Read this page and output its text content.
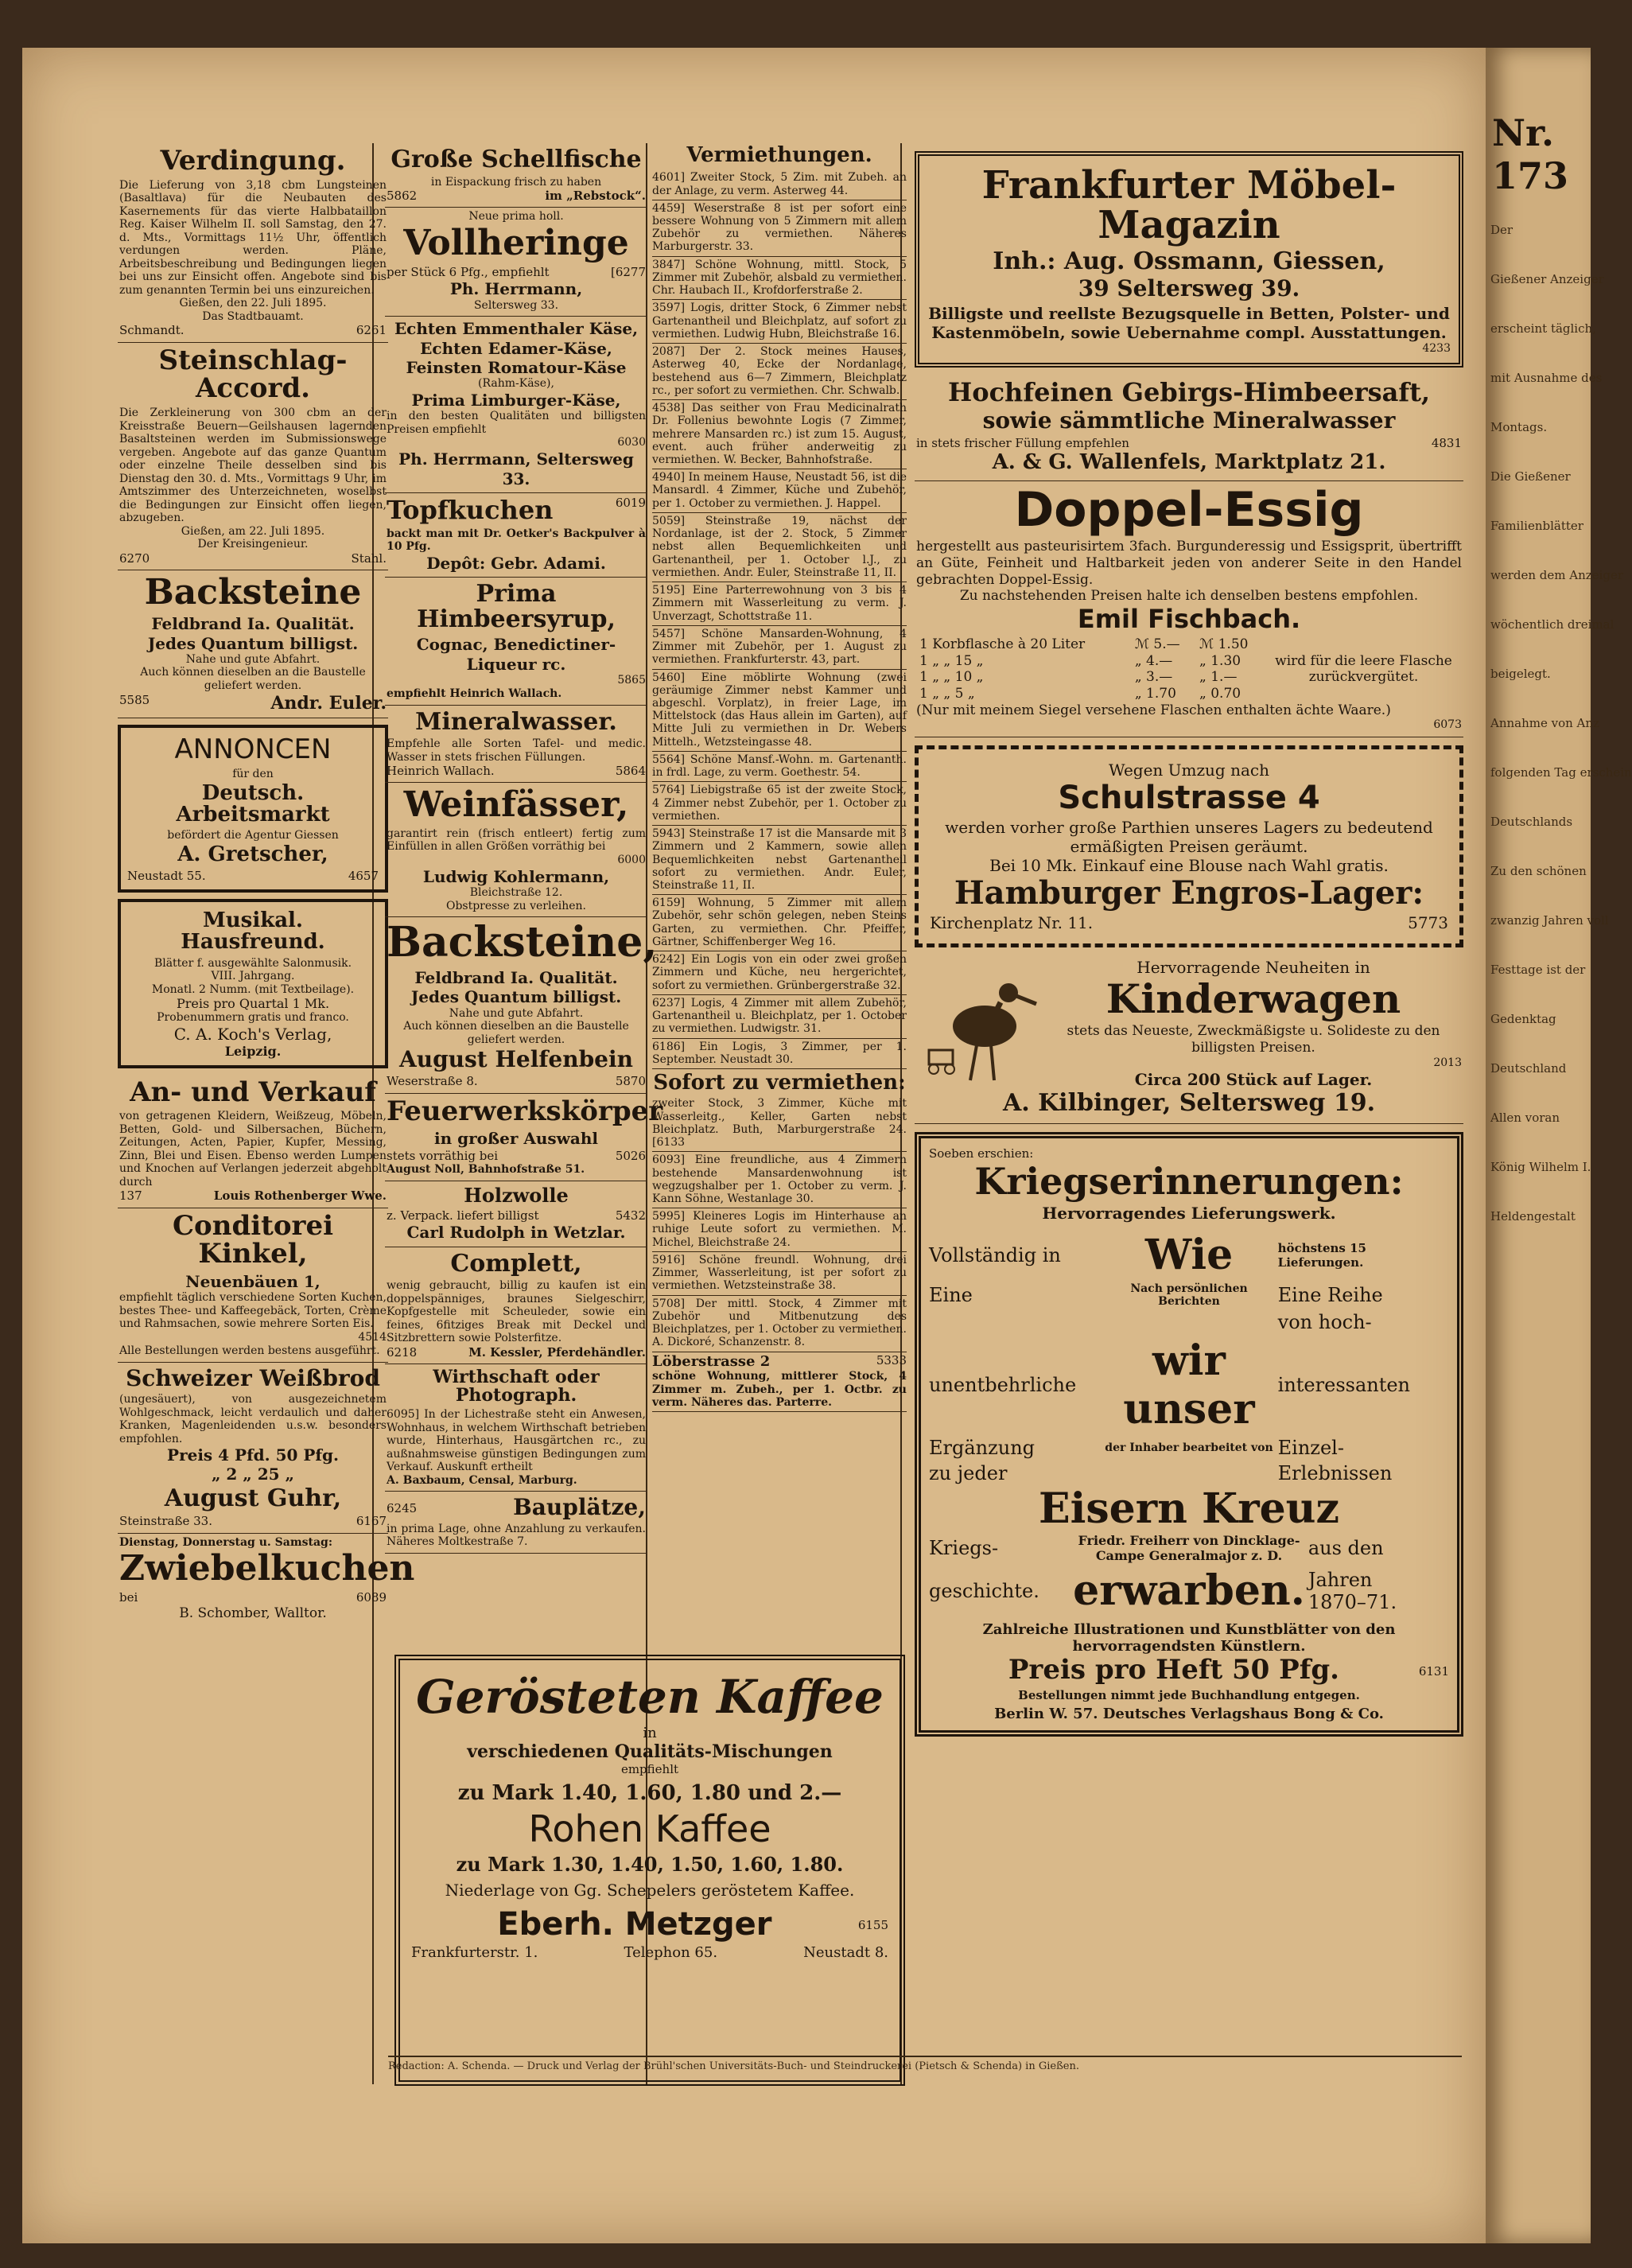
Verdingung.
Die Lieferung von 3,18 cbm Lungsteinen (Basaltlava) für die Neubauten des Kasernements für das vierte Halbbataillon Reg. Kaiser Wilhelm II. soll Samstag, den 27. d. Mts., Vormittags 11½ Uhr, öffentlich verdungen werden. Pläne, Arbeitsbeschreibung und Bedingungen liegen bei uns zur Einsicht offen. Angebote sind bis zum genannten Termin bei uns einzureichen.
Gießen, den 22. Juli 1895.
Das Stadtbauamt.
Schmandt.	6261
Steinschlag-Accord.
Die Zerkleinerung von 300 cbm an der Kreisstraße Beuern—Geilshausen lagernden Basaltsteinen werden im Submissionswege vergeben. Angebote auf das ganze Quantum oder einzelne Theile desselben sind bis Dienstag den 30. d. Mts., Vormittags 9 Uhr, im Amtszimmer des Unterzeichneten, woselbst die Bedingungen zur Einsicht offen liegen, abzugeben.
Gießen, am 22. Juli 1895.
Der Kreisingenieur.
6270	Stahl.
Backsteine
Feldbrand Ia. Qualität.
Jedes Quantum billigst.
Nahe und gute Abfahrt.
Auch können dieselben an die Baustelle geliefert werden.
5585	Andr. Euler.
ANNONCEN
für den
Deutsch. Arbeitsmarkt
befördert die Agentur Giessen
A. Gretscher,
Neustadt 55.	4657
Musikal. Hausfreund.
Blätter f. ausgewählte Salonmusik.
VIII. Jahrgang.
Monatl. 2 Numm. (mit Textbeilage).
Preis pro Quartal 1 Mk.
Probenummern gratis und franco.
C. A. Koch's Verlag,
Leipzig.
An- und Verkauf
von getragenen Kleidern, Weißzeug, Möbeln, Betten, Gold- und Silbersachen, Büchern, Zeitungen, Acten, Papier, Kupfer, Messing, Zinn, Blei und Eisen. Ebenso werden Lumpen und Knochen auf Verlangen jederzeit abgeholt durch
137	Louis Rothenberger Wwe.
Conditorei Kinkel,
Neuenbäuen 1,
empfiehlt täglich verschiedene Sorten Kuchen, bestes Thee- und Kaffeegebäck, Torten, Crème und Rahmsachen, sowie mehrere Sorten Eis.
4514
Alle Bestellungen werden bestens ausgeführt.
Schweizer Weißbrod
(ungesäuert), von ausgezeichnetem Wohlgeschmack, leicht verdaulich und daher Kranken, Magenleidenden u.s.w. besonders empfohlen.
Preis 4 Pfd. 50 Pfg.
„ 2 „ 25 „
August Guhr,
Steinstraße 33.	6167
Dienstag, Donnerstag u. Samstag:
Zwiebelkuchen
bei	6089
B. Schomber, Walltor.
Große Schellfische
in Eispackung frisch zu haben
5862	im „Rebstock“.
Neue prima holl.
Vollheringe
per Stück 6 Pfg., empfiehlt	[6277
Ph. Herrmann,
Seltersweg 33.
Echten Emmenthaler Käse,
Echten Edamer-Käse,
Feinsten Romatour-Käse
(Rahm-Käse),
Prima Limburger-Käse,
in den besten Qualitäten und billigsten Preisen empfiehlt
6030
Ph. Herrmann, Seltersweg 33.
Topfkuchen	6019
backt man mit Dr. Oetker's Backpulver à 10 Pfg.
Depôt: Gebr. Adami.
Prima Himbeersyrup,
Cognac, Benedictiner-
Liqueur rc.
5865
empfiehlt Heinrich Wallach.
Mineralwasser.
Empfehle alle Sorten Tafel- und medic. Wasser in stets frischen Füllungen.
Heinrich Wallach.	5864
Weinfässer,
garantirt rein (frisch entleert) fertig zum Einfüllen in allen Größen vorräthig bei
6000
Ludwig Kohlermann,
Bleichstraße 12.
Obstpresse zu verleihen.
Backsteine,
Feldbrand Ia. Qualität.
Jedes Quantum billigst.
Nahe und gute Abfahrt.
Auch können dieselben an die Baustelle geliefert werden.
August Helfenbein
Weserstraße 8.	5870
Feuerwerkskörper
in großer Auswahl
stets vorräthig bei	5026
August Noll, Bahnhofstraße 51.
Holzwolle
z. Verpack. liefert billigst	5432
Carl Rudolph in Wetzlar.
Complett,
wenig gebraucht, billig zu kaufen ist ein doppelspänniges, braunes Sielgeschirr, Kopfgestelle mit Scheuleder, sowie ein feines, 6fitziges Break mit Deckel und Sitzbrettern sowie Polsterfitze.
6218	M. Kessler, Pferdehändler.
Wirthschaft oder Photograph.
6095] In der Lichestraße steht ein Anwesen, Wohnhaus, in welchem Wirthschaft betrieben wurde, Hinterhaus, Hausgärtchen rc., zu außnahmsweise günstigen Bedingungen zum Verkauf. Auskunft ertheilt
A. Baxbaum, Censal, Marburg.
6245	Bauplätze,
in prima Lage, ohne Anzahlung zu verkaufen. Näheres Moltkestraße 7.
Vermiethungen.
4601] Zweiter Stock, 5 Zim. mit Zubeh. an der Anlage, zu verm. Asterweg 44.
4459] Weserstraße 8 ist per sofort eine bessere Wohnung von 5 Zimmern mit allem Zubehör zu vermiethen. Näheres Marburgerstr. 33.
3847] Schöne Wohnung, mittl. Stock, 5 Zimmer mit Zubehör, alsbald zu vermiethen. Chr. Haubach II., Krofdorferstraße 2.
3597] Logis, dritter Stock, 6 Zimmer nebst Gartenantheil und Bleichplatz, auf sofort zu vermiethen. Ludwig Hubn, Bleichstraße 16.
2087] Der 2. Stock meines Hauses, Asterweg 40, Ecke der Nordanlage, bestehend aus 6—7 Zimmern, Bleichplatz rc., per sofort zu vermiethen. Chr. Schwalb.
4538] Das seither von Frau Medicinalrath Dr. Follenius bewohnte Logis (7 Zimmer, mehrere Mansarden rc.) ist zum 15. August, event. auch früher anderweitig zu vermiethen. W. Becker, Bahnhofstraße.
4940] In meinem Hause, Neustadt 56, ist die Mansardl. 4 Zimmer, Küche und Zubehör, per 1. October zu vermiethen. J. Happel.
5059] Steinstraße 19, nächst der Nordanlage, ist der 2. Stock, 5 Zimmer nebst allen Bequemlichkeiten und Gartenantheil, per 1. October l.J., zu vermiethen. Andr. Euler, Steinstraße 11, II.
5195] Eine Parterrewohnung von 3 bis 4 Zimmern mit Wasserleitung zu verm. J. Unverzagt, Schottstraße 11.
5457] Schöne Mansarden-Wohnung, 4 Zimmer mit Zubehör, per 1. August zu vermiethen. Frankfurterstr. 43, part.
5460] Eine möblirte Wohnung (zwei geräumige Zimmer nebst Kammer und abgeschl. Vorplatz), in freier Lage, im Mittelstock (das Haus allein im Garten), auf Mitte Juli zu vermiethen in Dr. Webers Mittelh., Wetzsteingasse 48.
5564] Schöne Mansf.-Wohn. m. Gartenanth. in frdl. Lage, zu verm. Goethestr. 54.
5764] Liebigstraße 65 ist der zweite Stock, 4 Zimmer nebst Zubehör, per 1. October zu vermiethen.
5943] Steinstraße 17 ist die Mansarde mit 3 Zimmern und 2 Kammern, sowie allen Bequemlichkeiten nebst Gartenantheil sofort zu vermiethen. Andr. Euler, Steinstraße 11, II.
6159] Wohnung, 5 Zimmer mit allem Zubehör, sehr schön gelegen, neben Steins Garten, zu vermiethen. Chr. Pfeiffer, Gärtner, Schiffenberger Weg 16.
6242] Ein Logis von ein oder zwei großen Zimmern und Küche, neu hergerichtet, sofort zu vermiethen. Grünbergerstraße 32.
6237] Logis, 4 Zimmer mit allem Zubehör, Gartenantheil u. Bleichplatz, per 1. October zu vermiethen. Ludwigstr. 31.
6186] Ein Logis, 3 Zimmer, per 1. September. Neustadt 30.
Sofort zu vermiethen:
zweiter Stock, 3 Zimmer, Küche mit Wasserleitg., Keller, Garten nebst Bleichplatz. Buth, Marburgerstraße 24. [6133
6093] Eine freundliche, aus 4 Zimmern bestehende Mansardenwohnung ist wegzugshalber per 1. October zu verm. J. Kann Söhne, Westanlage 30.
5995] Kleineres Logis im Hinterhause an ruhige Leute sofort zu vermiethen. M. Michel, Bleichstraße 24.
5916] Schöne freundl. Wohnung, drei Zimmer, Wasserleitung, ist per sofort zu vermiethen. Wetzsteinstraße 38.
5708] Der mittl. Stock, 4 Zimmer mit Zubehör und Mitbenutzung des Bleichplatzes, per 1. October zu vermiethen. A. Dickoré, Schanzenstr. 8.
Löberstrasse 2	5333
schöne Wohnung, mittlerer Stock, 4 Zimmer m. Zubeh., per 1. Octbr. zu verm. Näheres das. Parterre.
Frankfurter Möbel-Magazin
Inh.: Aug. Ossmann, Giessen,
39 Seltersweg 39.
Billigste und reellste Bezugsquelle in Betten, Polster- und Kastenmöbeln, sowie Uebernahme compl. Ausstattungen.
4233
Hochfeinen Gebirgs-Himbeersaft,
sowie sämmtliche Mineralwasser
in stets frischer Füllung empfehlen	4831
A. & G. Wallenfels, Marktplatz 21.
Doppel-Essig
hergestellt aus pasteurisirtem 3fach. Burgunderessig und Essigsprit, übertrifft an Güte, Feinheit und Haltbarkeit jeden von anderer Seite in den Handel gebrachten Doppel-Essig.
Zu nachstehenden Preisen halte ich denselben bestens empfohlen.
Emil Fischbach.
1 Korbflasche à 20 Liter	ℳ 5.—	ℳ 1.50
1 „ „ 15 „	„ 4.—	„ 1.30
1 „ „ 10 „	„ 3.—	„ 1.—
1 „ „ 5 „	„ 1.70	„ 0.70
wird für die leere Flasche zurückvergütet.
(Nur mit meinem Siegel versehene Flaschen enthalten ächte Waare.)
6073
Wegen Umzug nach
Schulstrasse 4
werden vorher große Parthien unseres Lagers zu bedeutend ermäßigten Preisen geräumt.
Bei 10 Mk. Einkauf eine Blouse nach Wahl gratis.
Hamburger Engros-Lager:
Kirchenplatz Nr. 11.	5773
Hervorragende Neuheiten in
Kinderwagen
stets das Neueste, Zweckmäßigste u. Solideste zu den billigsten Preisen.
2013
Circa 200 Stück auf Lager.
A. Kilbinger, Seltersweg 19.
Soeben erschien:
Kriegserinnerungen:
Hervorragendes Lieferungswerk.
Vollständig in	Wie	höchstens 15 Lieferungen.
Eine	Nach persönlichen Berichten	Eine Reihe
von hoch-
unentbehrliche	wir unser	interessanten
Ergänzung	der Inhaber bearbeitet von Einzel-
zu jeder	Erlebnissen
Eisern Kreuz
Kriegs-	Friedr. Freiherr von Dincklage-Campe Generalmajor z. D.	aus den
geschichte. erwarben. Jahren
1870–71.
Zahlreiche Illustrationen und Kunstblätter von den hervorragendsten Künstlern.
Preis pro Heft 50 Pfg.	6131
Bestellungen nimmt jede Buchhandlung entgegen.
Berlin W. 57. Deutsches Verlagshaus Bong & Co.
Gerösteten Kaffee
in
verschiedenen Qualitäts-Mischungen
empfiehlt
zu Mark 1.40, 1.60, 1.80 und 2.—
Rohen Kaffee
zu Mark 1.30, 1.40, 1.50, 1.60, 1.80.
Niederlage von Gg. Schepelers geröstetem Kaffee.
Eberh. Metzger	6155
Frankfurterstr. 1.	Telephon 65.	Neustadt 8.
Redaction: A. Schenda. — Druck und Verlag der Brühl'schen Universitäts-Buch- und Steindruckerei (Pietsch & Schenda) in Gießen.
Nr. 173
Der
Gießener Anzeiger
erscheint täglich,
mit Ausnahme des
Montags.
Die Gießener
Familienblätter
werden dem Anzeiger
wöchentlich dreimal
beigelegt.
Annahme von Anz
folgenden Tag erschein
Deutschlands
Zu den schönen
zwanzig Jahren voll
Festtage ist der
Gedenktag
Deutschland
Allen voran
König Wilhelm I.
Heldengestalt
